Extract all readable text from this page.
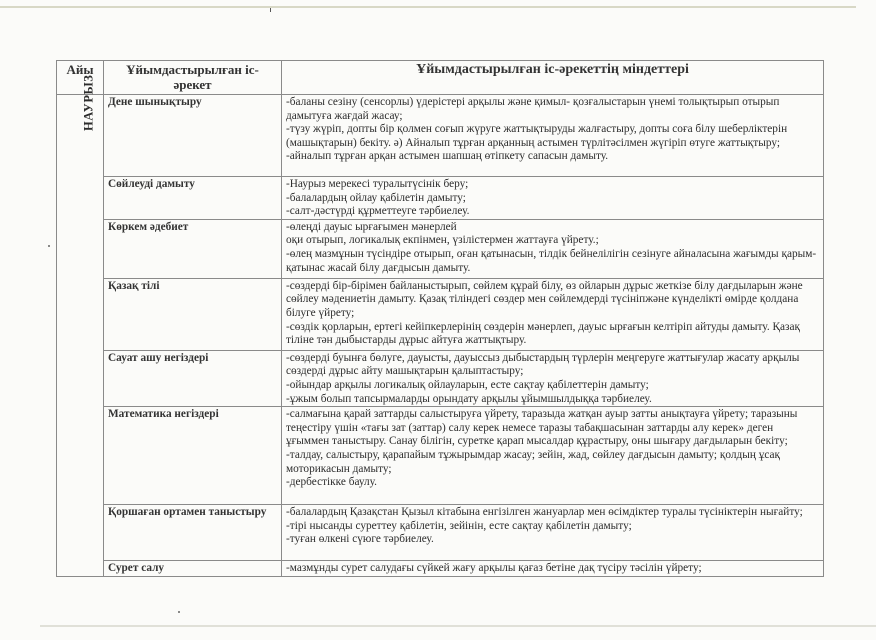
Айы	Ұйымдастырылған іс-әрекет	Ұйымдастырылған іс-әрекеттің міндеттері
НАУРЫЗ	Дене шынықтыру	-баланы сезіну (сенсорлы) үдерістері арқылы және қимыл- қозғалыстарын үнемі толықтырып отырып дамытуға жағдай жасау;
-түзу жүріп, допты бір қолмен соғып жүруге жаттықтыруды жалғастыру, допты соға білу шеберліктерін (машықтарын) бекіту. ә) Айналып тұрған арқанның астымен түрлітәсілмен жүгіріп өтуге жаттықтыру;
-айналып тұрған арқан астымен шапшаң өтіпкету сапасын дамыту.

	Сөйлеуді дамыту	-Наурыз мерекесі туралытүсінік беру;
-балалардың ойлау қабілетін дамыту;
-салт-дәстүрді құрметтеуге тәрбиелеу.

	Көркем әдебиет	-өлеңді дауыс ырғағымен мәнерлей
оқи отырып, логикалық екпінмен, үзілістермен жаттауға үйрету.;
-өлең мазмұнын түсіндіре отырып, оған қатынасын, тілдік бейнелілігін сезінуге айналасына жағымды қарым-қатынас жасай білу дағдысын дамыту.

	Қазақ тілі	-сөздерді бір-бірімен байланыстырып, сөйлем құрай білу, өз ойларын дұрыс жеткізе білу дағдыларын және сөйлеу мәдениетін дамыту. Қазақ тіліндегі сөздер мен сөйлемдерді түсініпжәне күнделікті өмірде қолдана білуге үйрету;
-сөздік қорларын, ертегі кейіпкерлерінің сөздерін мәнерлеп, дауыс ырғағын келтіріп айтуды дамыту. Қазақ тіліне тән дыбыстарды дұрыс айтуға жаттықтыру.

	Сауат ашу негіздері	-сөздерді буынға бөлуге, дауысты, дауыссыз дыбыстардың түрлерін меңгеруге жаттығулар жасату арқылы сөздерді дұрыс айту машықтарын қалыптастыру;
-ойындар арқылы логикалық ойлауларын, есте сақтау қабілеттерін дамыту;
-ұжым болып тапсырмаларды орындату арқылы ұйымшылдыққа тәрбиелеу.

	Математика негіздері	-салмағына қарай заттарды салыстыруға үйрету, таразыда жатқан ауыр затты анықтауға үйрету; таразыны теңестіру үшін «тағы зат (заттар) салу керек немесе таразы табақшасынан заттарды алу керек» деген ұғыммен таныстыру. Санау білігін, суретке қарап мысалдар құрастыру, оны шығару дағдыларын бекіту;
-талдау, салыстыру, қарапайым тұжырымдар жасау; зейін, жад, сөйлеу дағдысын дамыту; қолдың ұсақ моторикасын дамыту;
-дербестікке баулу.

	Қоршаған ортамен таныстыру	-балалардың Қазақстан Қызыл кітабына енгізілген жануарлар мен өсімдіктер туралы түсініктерін нығайту;
-тірі нысанды суреттеу қабілетін, зейінін, есте сақтау қабілетін дамыту;
-туған өлкені сүюге тәрбиелеу.

	Сурет салу	-мазмұнды сурет салудағы сүйкей жағу арқылы қағаз бетіне дақ түсіру тәсілін үйрету;
